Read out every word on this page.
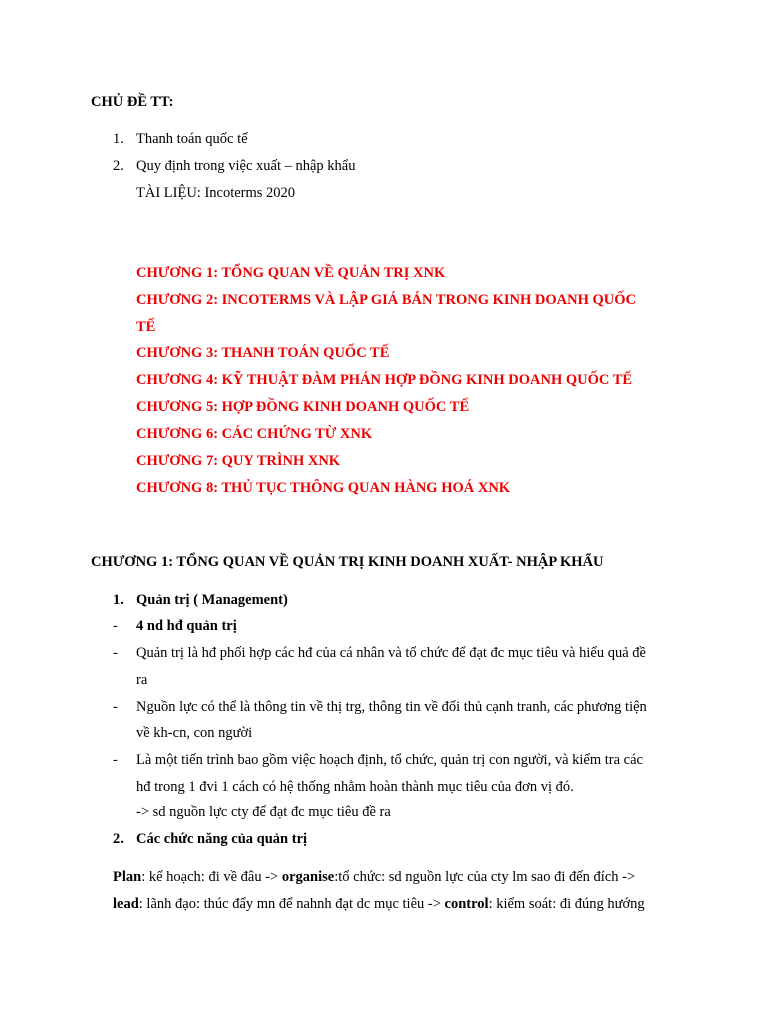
CHỦ ĐỀ TT:
1. Thanh toán quốc tế
2. Quy định trong việc xuất – nhập khẩu
TÀI LIỆU: Incoterms 2020
CHƯƠNG 1: TỔNG QUAN VỀ QUẢN TRỊ XNK
CHƯƠNG 2: INCOTERMS VÀ LẬP GIÁ BÁN TRONG KINH DOANH QUỐC
TẾ
CHƯƠNG 3: THANH TOÁN QUỐC TẾ
CHƯƠNG 4: KỸ THUẬT ĐÀM PHÁN HỢP ĐỒNG KINH DOANH QUỐC TẾ
CHƯƠNG 5: HỢP ĐỒNG KINH DOANH QUỐC TẾ
CHƯƠNG 6: CÁC CHỨNG TỪ XNK
CHƯƠNG 7: QUY TRÌNH XNK
CHƯƠNG 8: THỦ TỤC THÔNG QUAN HÀNG HOÁ XNK
CHƯƠNG 1: TỔNG QUAN VỀ QUẢN TRỊ KINH DOANH XUẤT- NHẬP KHẨU
1. Quản trị ( Management)
- 4 nd hđ quản trị
- Quản trị là hđ phối hợp các hđ của cá nhân và tổ chức để đạt đc mục tiêu và hiểu quả đề
ra
- Nguồn lực có thể là thông tin về thị trg, thông tin về đối thủ cạnh tranh, các phương tiện
về kh-cn, con người
- Là một tiến trình bao gồm việc hoạch định, tổ chức, quản trị con người, và kiểm tra các
hđ trong 1 đvi 1 cách có hệ thống nhằm hoàn thành mục tiêu của đơn vị đó.
-> sd nguồn lực cty để đạt đc mục tiêu đề ra
2. Các chức năng của quản trị
Plan: kế hoạch: đi về đâu -> organise:tổ chức: sd nguồn lực của cty lm sao đi đến đích ->
lead: lãnh đạo: thúc đẩy mn để nahnh đạt dc mục tiêu -> control: kiểm soát: đi đúng hướng
